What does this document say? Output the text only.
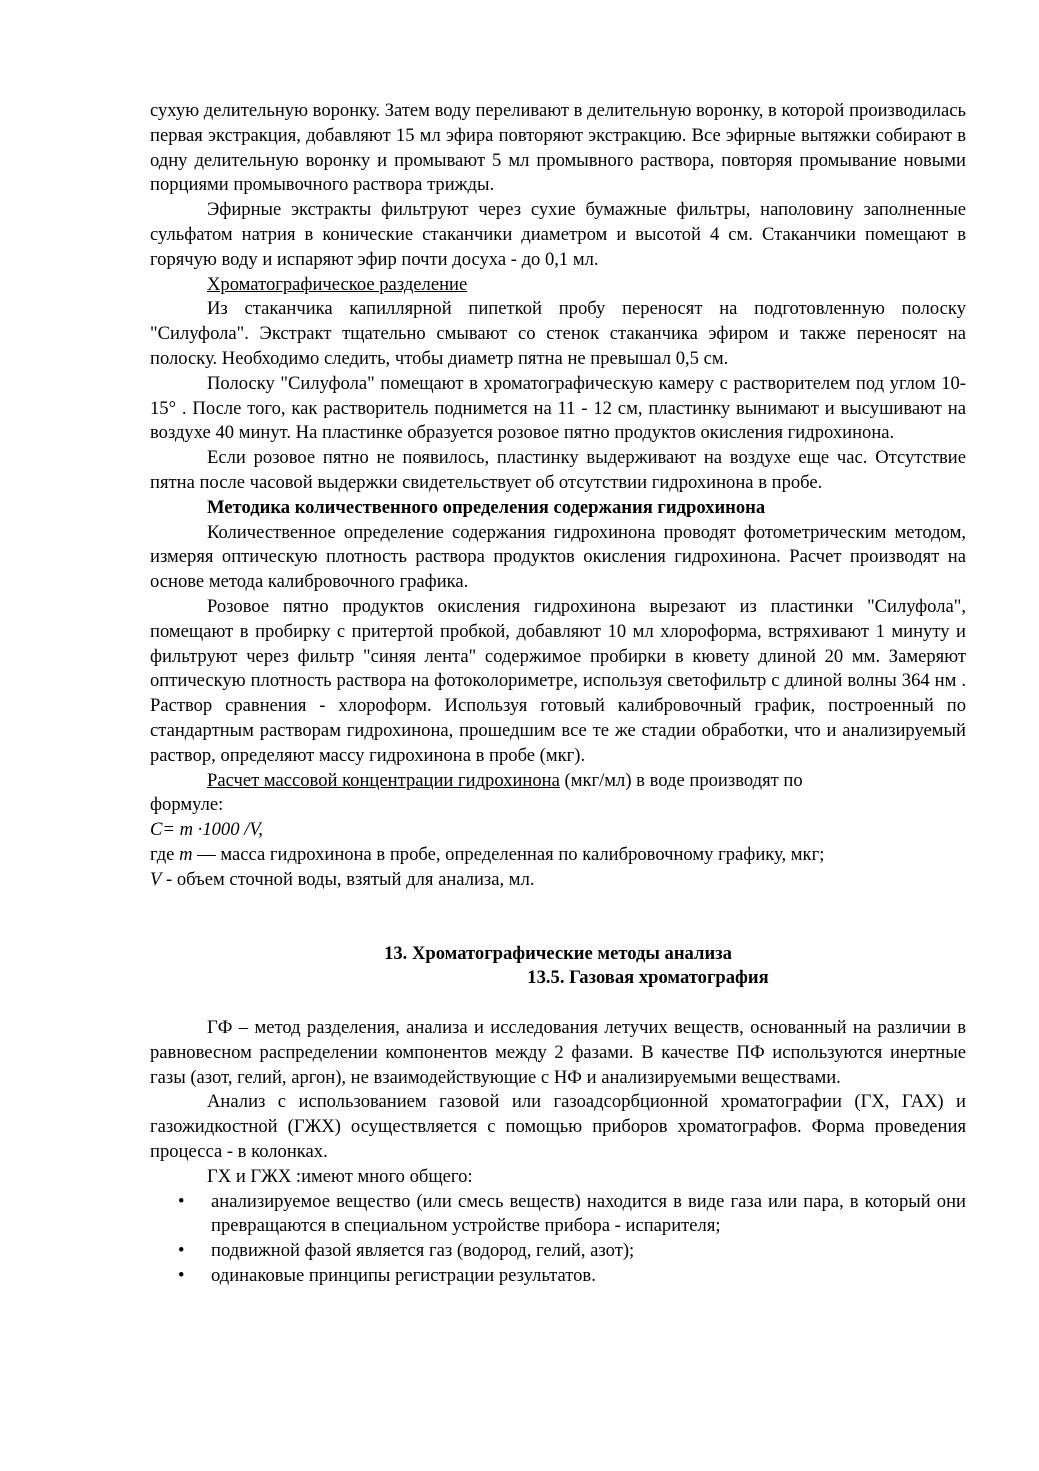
сухую делительную воронку. Затем воду переливают в делительную воронку, в которой производилась первая экстракция, добавляют 15 мл эфира повторяют экстракцию. Все эфирные вытяжки собирают в одну делительную воронку и промывают 5 мл промывного раствора, повторяя промывание новыми порциями промывочного раствора трижды.

Эфирные экстракты фильтруют через сухие бумажные фильтры, наполовину заполненные сульфатом натрия в конические стаканчики диаметром и высотой 4 см. Стаканчики помещают в горячую воду и испаряют эфир почти досуха - до 0,1 мл.

Хроматографическое разделение

Из стаканчика капиллярной пипеткой пробу переносят на подготовленную полоску "Силуфола". Экстракт тщательно смывают со стенок стаканчика эфиром и также переносят на полоску. Необходимо следить, чтобы диаметр пятна не превышал 0,5 см.

Полоску "Силуфола" помещают в хроматографическую камеру с растворителем под углом 10-15° . После того, как растворитель поднимется на 11 - 12 см, пластинку вынимают и высушивают на воздухе 40 минут. На пластинке образуется розовое пятно продуктов окисления гидрохинона.

Если розовое пятно не появилось, пластинку выдерживают на воздухе еще час. Отсутствие пятна после часовой выдержки свидетельствует об отсутствии гидрохинона в пробе.

Методика количественного определения содержания гидрохинона

Количественное определение содержания гидрохинона проводят фотометрическим методом, измеряя оптическую плотность раствора продуктов окисления гидрохинона. Расчет производят на основе метода калибровочного графика.

Розовое пятно продуктов окисления гидрохинона вырезают из пластинки "Силуфола", помещают в пробирку с притертой пробкой, добавляют 10 мл хлороформа, встряхивают 1 минуту и фильтруют через фильтр "синяя лента" содержимое пробирки в кювету длиной 20 мм. Замеряют оптическую плотность раствора на фотоколориметре, используя светофильтр с длиной волны 364 нм . Раствор сравнения - хлороформ. Используя готовый калибровочный график, построенный по стандартным растворам гидрохинона, прошедшим все те же стадии обработки, что и анализируемый раствор, определяют массу гидрохинона в пробе (мкг).

Расчет массовой концентрации гидрохинона (мкг/мл) в воде производят по

формуле:

C= m ·1000 /V,

где m — масса гидрохинона в пробе, определенная по калибровочному графику, мкг;

V - объем сточной воды, взятый для анализа, мл.

13. Хроматографические методы анализа
13.5. Газовая хроматография

ГФ – метод разделения, анализа и исследования летучих веществ, основанный на различии в равновесном распределении компонентов между 2 фазами. В качестве ПФ используются инертные газы (азот, гелий, аргон), не взаимодействующие с НФ и анализируемыми веществами.

Анализ с использованием газовой или газоадсорбционной хроматографии (ГХ, ГАХ) и газожидкостной (ГЖХ) осуществляется с помощью приборов хроматографов. Форма проведения процесса - в колонках.

ГХ и ГЖХ :имеют много общего:

• анализируемое вещество (или смесь веществ) находится в виде газа или пара, в который они превращаются в специальном устройстве прибора - испарителя;
• подвижной фазой является газ (водород, гелий, азот);
• одинаковые принципы регистрации результатов.
